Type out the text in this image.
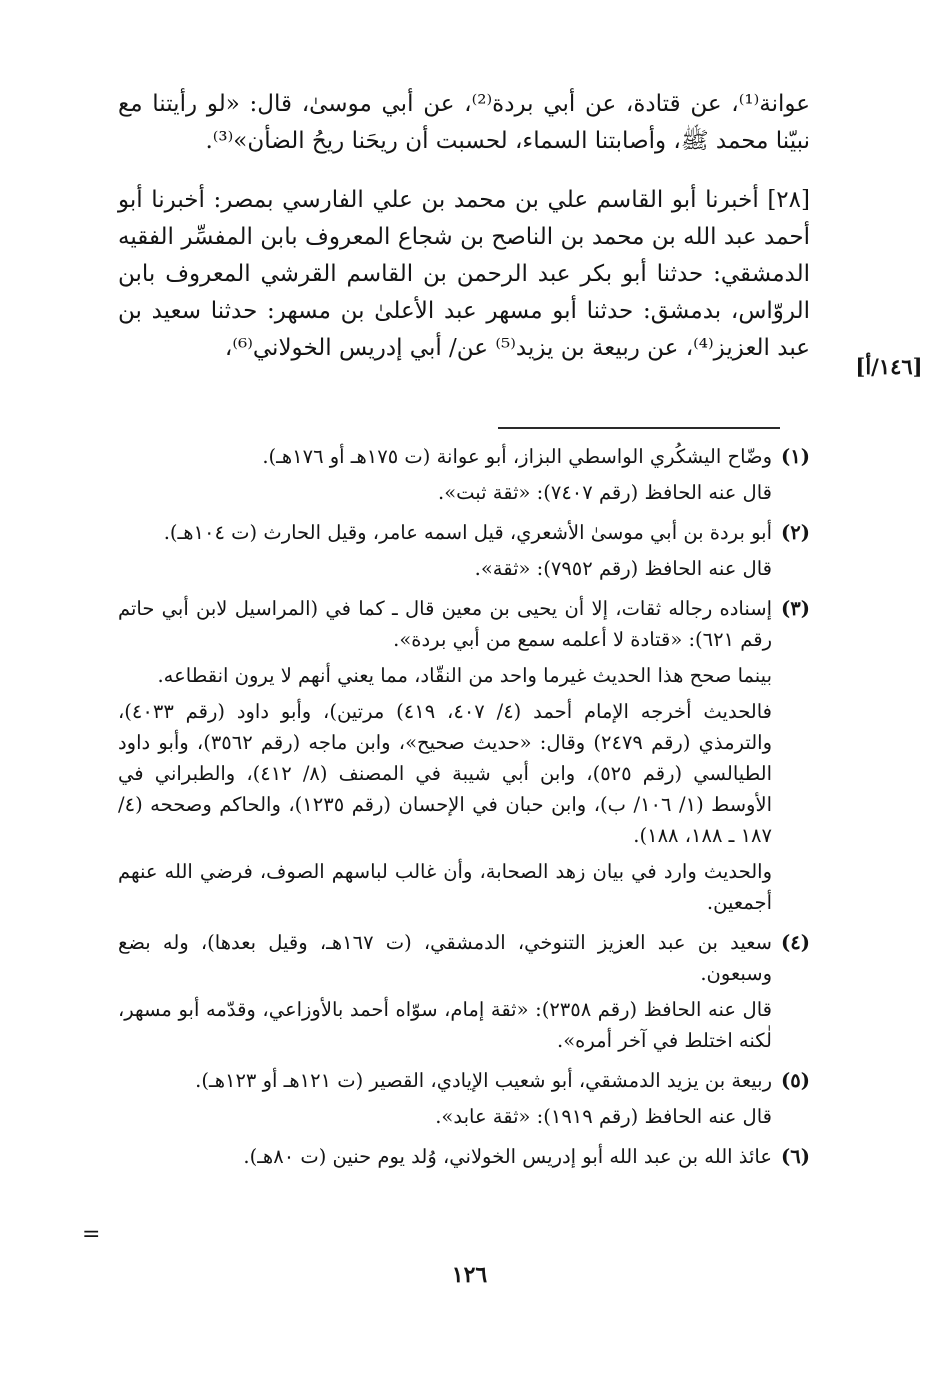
عوانة⁽¹⁾، عن قتادة، عن أبي بردة⁽²⁾، عن أبي موسىٰ، قال: «لو رأيتنا مع نبيّنا محمد ﷺ، وأصابتنا السماء، لحسبت أن ريحَنا ريحُ الضأن»⁽³⁾.

[٢٨] أخبرنا أبو القاسم علي بن محمد بن علي الفارسي بمصر: أخبرنا أبو أحمد عبد الله بن محمد بن الناصح بن شجاع المعروف بابن المفسِّر الفقيه الدمشقي: حدثنا أبو بكر عبد الرحمن بن القاسم القرشي المعروف بابن الروّاس، بدمشق: حدثنا أبو مسهر عبد الأعلىٰ بن مسهر: حدثنا سعيد بن عبد العزيز⁽⁴⁾، عن ربيعة بن يزيد⁽⁵⁾ عن/ أبي إدريس الخولاني⁽⁶⁾،

[١٤٦/أ]
(١)

وضّاح اليشكُري الواسطي البزاز، أبو عوانة (ت ١٧٥هـ أو ١٧٦هـ).

قال عنه الحافظ (رقم ٧٤٠٧): «ثقة ثبت».

(٢)

أبو بردة بن أبي موسىٰ الأشعري، قيل اسمه عامر، وقيل الحارث (ت ١٠٤هـ).

قال عنه الحافظ (رقم ٧٩٥٢): «ثقة».

(٣)

إسناده رجاله ثقات، إلا أن يحيى بن معين قال ـ كما في (المراسيل لابن أبي حاتم رقم ٦٢١): «قتادة لا أعلمه سمع من أبي بردة».

بينما صحح هذا الحديث غيرما واحد من النقّاد، مما يعني أنهم لا يرون انقطاعه.

فالحديث أخرجه الإمام أحمد (٤/ ٤٠٧، ٤١٩) مرتين)، وأبو داود (رقم ٤٠٣٣)، والترمذي (رقم ٢٤٧٩) وقال: «حديث صحيح»، وابن ماجه (رقم ٣٥٦٢)، وأبو داود الطيالسي (رقم ٥٢٥)، وابن أبي شيبة في المصنف (٨/ ٤١٢)، والطبراني في الأوسط (١/ ١٠٦/ ب)، وابن حبان في الإحسان (رقم ١٢٣٥)، والحاكم وصححه (٤/ ١٨٧ ـ ١٨٨، ١٨٨).

والحديث وارد في بيان زهد الصحابة، وأن غالب لباسهم الصوف، فرضي الله عنهم أجمعين.

(٤)

سعيد بن عبد العزيز التنوخي، الدمشقي، (ت ١٦٧هـ، وقيل بعدها)، وله بضع وسبعون.

قال عنه الحافظ (رقم ٢٣٥٨): «ثقة إمام، سوّاه أحمد بالأوزاعي، وقدّمه أبو مسهر، لٰكنه اختلط في آخر أمره».

(٥)

ربيعة بن يزيد الدمشقي، أبو شعيب الإيادي، القصير (ت ١٢١هـ أو ١٢٣هـ).

قال عنه الحافظ (رقم ١٩١٩): «ثقة عابد».

(٦)

عائذ الله بن عبد الله أبو إدريس الخولاني، وُلد يوم حنين (ت ٨٠هـ).

=
١٢٦
